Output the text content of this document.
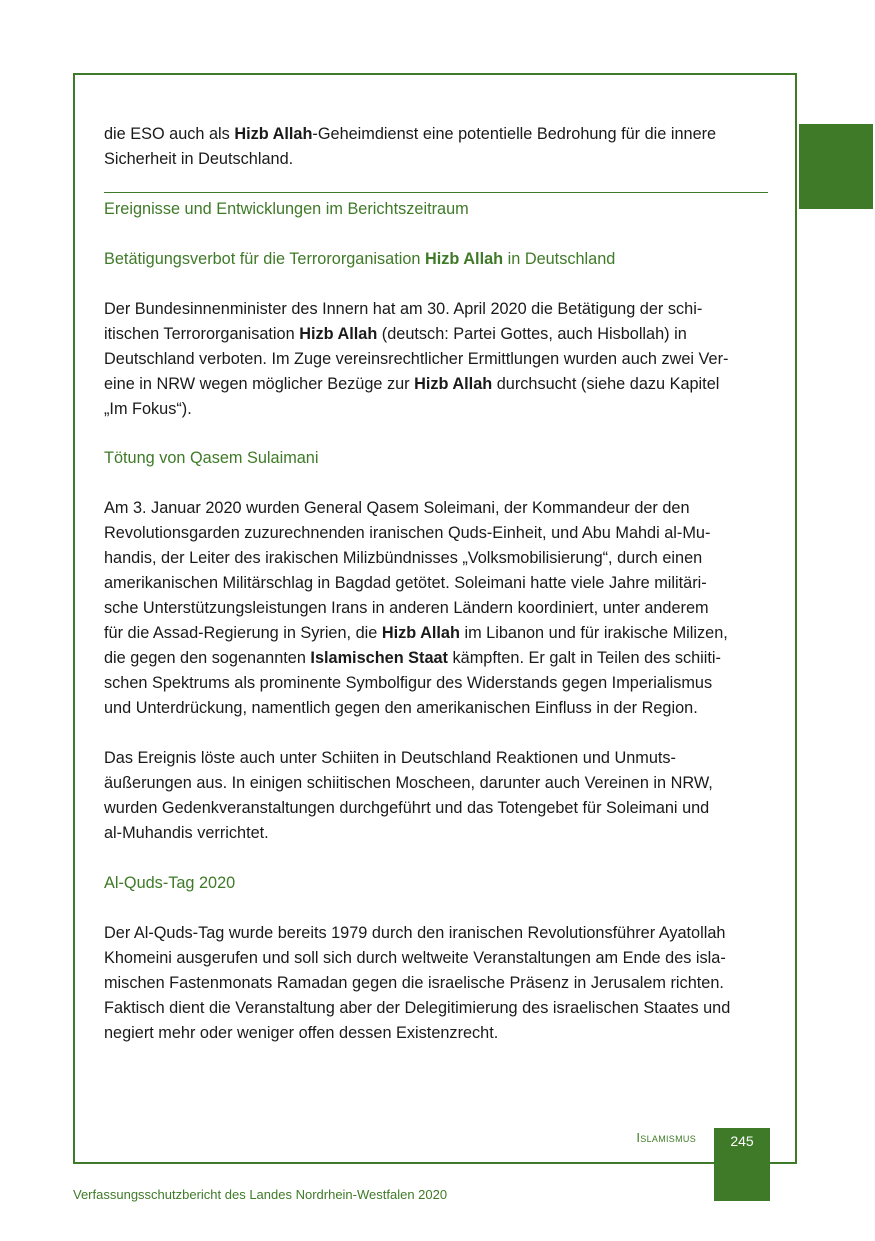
die ESO auch als Hizb Allah-Geheimdienst eine potentielle Bedrohung für die innere

Sicherheit in Deutschland.

Ereignisse und Entwicklungen im Berichtszeitraum
Betätigungsverbot für die Terrororganisation Hizb Allah in Deutschland

Der Bundesinnenminister des Innern hat am 30. April 2020 die Betätigung der schi-

itischen Terrororganisation Hizb Allah (deutsch: Partei Gottes, auch Hisbollah) in

Deutschland verboten. Im Zuge vereinsrechtlicher Ermittlungen wurden auch zwei Ver-

eine in NRW wegen möglicher Bezüge zur Hizb Allah durchsucht (siehe dazu Kapitel

„Im Fokus“).

Tötung von Qasem Sulaimani

Am 3. Januar 2020 wurden General Qasem Soleimani, der Kommandeur der den

Revolutionsgarden zuzurechnenden iranischen Quds-Einheit, und Abu Mahdi al-Mu-

handis, der Leiter des irakischen Milizbündnisses „Volksmobilisierung“, durch einen

amerikanischen Militärschlag in Bagdad getötet. Soleimani hatte viele Jahre militäri-

sche Unterstützungsleistungen Irans in anderen Ländern koordiniert, unter anderem

für die Assad-Regierung in Syrien, die Hizb Allah im Libanon und für irakische Milizen,

die gegen den sogenannten Islamischen Staat kämpften. Er galt in Teilen des schiiti-

schen Spektrums als prominente Symbolfigur des Widerstands gegen Imperialismus

und Unterdrückung, namentlich gegen den amerikanischen Einfluss in der Region.

Das Ereignis löste auch unter Schiiten in Deutschland Reaktionen und Unmuts-

äußerungen aus. In einigen schiitischen Moscheen, darunter auch Vereinen in NRW,

wurden Gedenkveranstaltungen durchgeführt und das Totengebet für Soleimani und

al-Muhandis verrichtet.

Al-Quds-Tag 2020

Der Al-Quds-Tag wurde bereits 1979 durch den iranischen Revolutionsführer Ayatollah

Khomeini ausgerufen und soll sich durch weltweite Veranstaltungen am Ende des isla-

mischen Fastenmonats Ramadan gegen die israelische Präsenz in Jerusalem richten.

Faktisch dient die Veranstaltung aber der Delegitimierung des israelischen Staates und

negiert mehr oder weniger offen dessen Existenzrecht.

Islamismus	245
Verfassungsschutzbericht des Landes Nordrhein-Westfalen 2020
